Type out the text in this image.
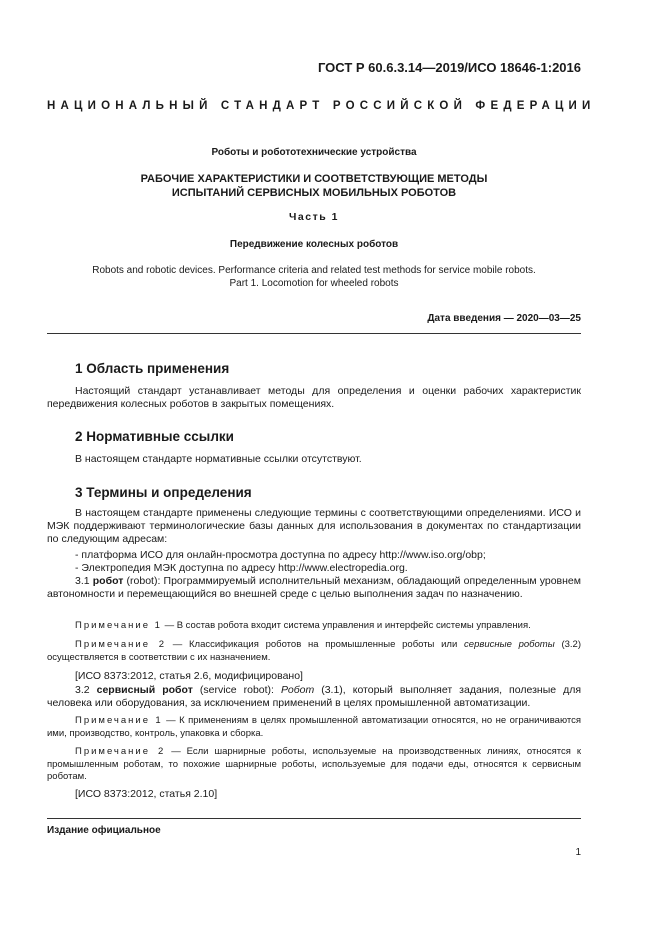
ГОСТ Р 60.6.3.14—2019/ИСО 18646-1:2016
НАЦИОНАЛЬНЫЙ СТАНДАРТ РОССИЙСКОЙ ФЕДЕРАЦИИ
Роботы и робототехнические устройства
РАБОЧИЕ ХАРАКТЕРИСТИКИ И СООТВЕТСТВУЮЩИЕ МЕТОДЫ
ИСПЫТАНИЙ СЕРВИСНЫХ МОБИЛЬНЫХ РОБОТОВ
Часть 1
Передвижение колесных роботов
Robots and robotic devices. Performance criteria and related test methods for service mobile robots.
Part 1. Locomotion for wheeled robots
Дата введения — 2020—03—25
1 Область применения
Настоящий стандарт устанавливает методы для определения и оценки рабочих характеристик передвижения колесных роботов в закрытых помещениях.
2 Нормативные ссылки
В настоящем стандарте нормативные ссылки отсутствуют.
3 Термины и определения
В настоящем стандарте применены следующие термины с соответствующими определениями. ИСО и МЭК поддерживают терминологические базы данных для использования в документах по стандартизации по следующим адресам:
- платформа ИСО для онлайн-просмотра доступна по адресу http://www.iso.org/obp;
- Электропедия МЭК доступна по адресу http://www.electropedia.org.
3.1 робот (robot): Программируемый исполнительный механизм, обладающий определенным уровнем автономности и перемещающийся во внешней среде с целью выполнения задач по назначению.
Примечание 1 — В состав робота входит система управления и интерфейс системы управления.
Примечание 2 — Классификация роботов на промышленные роботы или сервисные роботы (3.2) осуществляется в соответствии с их назначением.
[ИСО 8373:2012, статья 2.6, модифицировано]
3.2 сервисный робот (service robot): Робот (3.1), который выполняет задания, полезные для человека или оборудования, за исключением применений в целях промышленной автоматизации.
Примечание 1 — К применениям в целях промышленной автоматизации относятся, но не ограничиваются ими, производство, контроль, упаковка и сборка.
Примечание 2 — Если шарнирные роботы, используемые на производственных линиях, относятся к промышленным роботам, то похожие шарнирные роботы, используемые для подачи еды, относятся к сервисным роботам.
[ИСО 8373:2012, статья 2.10]
Издание официальное
1
